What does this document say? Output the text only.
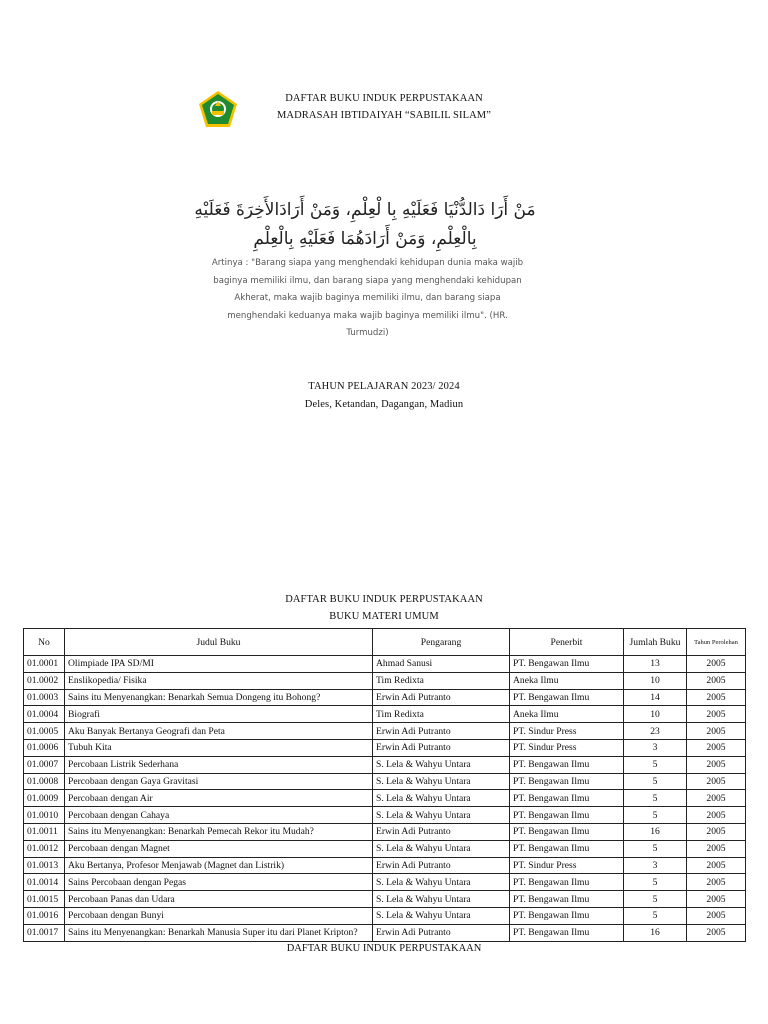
DAFTAR BUKU INDUK PERPUSTAKAAN
MADRASAH IBTIDAIYAH “SABILIL SILAM”
مَنْ أَرَا دَالدُّنْيَا فَعَلَيْهِ بِا لْعِلْمِ، وَمَنْ أَرَادَالأَخِرَةَ فَعَلَيْهِ
بِالْعِلْمِ، وَمَنْ أَرَادَهُمَا فَعَلَيْهِ بِالْعِلْمِ
Artinya : "Barang siapa yang menghendaki kehidupan dunia maka wajib baginya memiliki ilmu, dan barang siapa yang menghendaki kehidupan Akherat, maka wajib baginya memiliki ilmu, dan barang siapa menghendaki keduanya maka wajib baginya memiliki ilmu". (HR. Turmudzi)
TAHUN PELAJARAN 2023/ 2024
Deles, Ketandan, Dagangan, Madiun
DAFTAR BUKU INDUK PERPUSTAKAAN
BUKU MATERI UMUM
No	Judul Buku	Pengarang	Penerbit	Jumlah Buku	Tahun Perolehan
01.0001	Olimpiade IPA SD/MI	Ahmad Sanusi	PT. Bengawan Ilmu	13	2005
01.0002	Enslikopedia/ Fisika	Tim Redixta	Aneka Ilmu	10	2005
01.0003	Sains itu Menyenangkan: Benarkah Semua Dongeng itu Bohong?	Erwin Adi Putranto	PT. Bengawan Ilmu	14	2005
01.0004	Biografi	Tim Redixta	Aneka Ilmu	10	2005
01.0005	Aku Banyak Bertanya Geografi dan Peta	Erwin Adi Putranto	PT. Sindur Press	23	2005
01.0006	Tubuh Kita	Erwin Adi Putranto	PT. Sindur Press	3	2005
01.0007	Percobaan Listrik Sederhana	S. Lela & Wahyu Untara	PT. Bengawan Ilmu	5	2005
01.0008	Percobaan dengan Gaya Gravitasi	S. Lela & Wahyu Untara	PT. Bengawan Ilmu	5	2005
01.0009	Percobaan dengan Air	S. Lela & Wahyu Untara	PT. Bengawan Ilmu	5	2005
01.0010	Percobaan dengan Cahaya	S. Lela & Wahyu Untara	PT. Bengawan Ilmu	5	2005
01.0011	Sains itu Menyenangkan: Benarkah Pemecah Rekor itu Mudah?	Erwin Adi Putranto	PT. Bengawan Ilmu	16	2005
01.0012	Percobaan dengan Magnet	S. Lela & Wahyu Untara	PT. Bengawan Ilmu	5	2005
01.0013	Aku Bertanya, Profesor Menjawab (Magnet dan Listrik)	Erwin Adi Putranto	PT. Sindur Press	3	2005
01.0014	Sains Percobaan dengan Pegas	S. Lela & Wahyu Untara	PT. Bengawan Ilmu	5	2005
01.0015	Percobaan Panas dan Udara	S. Lela & Wahyu Untara	PT. Bengawan Ilmu	5	2005
01.0016	Percobaan dengan Bunyi	S. Lela & Wahyu Untara	PT. Bengawan Ilmu	5	2005
01.0017	Sains itu Menyenangkan: Benarkah Manusia Super itu dari Planet Kripton?	Erwin Adi Putranto	PT. Bengawan Ilmu	16	2005
DAFTAR BUKU INDUK PERPUSTAKAAN
